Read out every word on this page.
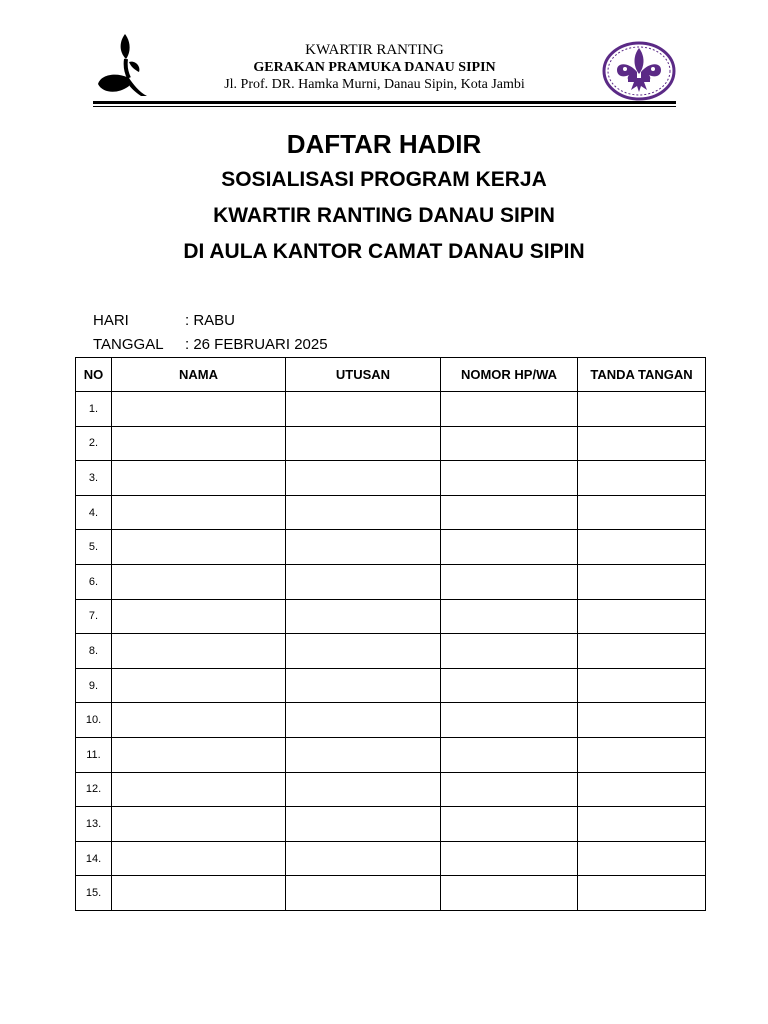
KWARTIR RANTING
GERAKAN PRAMUKA DANAU SIPIN
Jl. Prof. DR. Hamka Murni, Danau Sipin, Kota Jambi

DAFTAR HADIR

SOSIALISASI PROGRAM KERJA

KWARTIR RANTING DANAU SIPIN

DI AULA KANTOR CAMAT DANAU SIPIN

HARI	: RABU
TANGGAL	: 26 FEBRUARI 2025
NO	NAMA	UTUSAN	NOMOR HP/WA	TANDA TANGAN
1.				
2.				
3.				
4.				
5.				
6.				
7.				
8.				
9.				
10.				
11.				
12.				
13.				
14.				
15.				
